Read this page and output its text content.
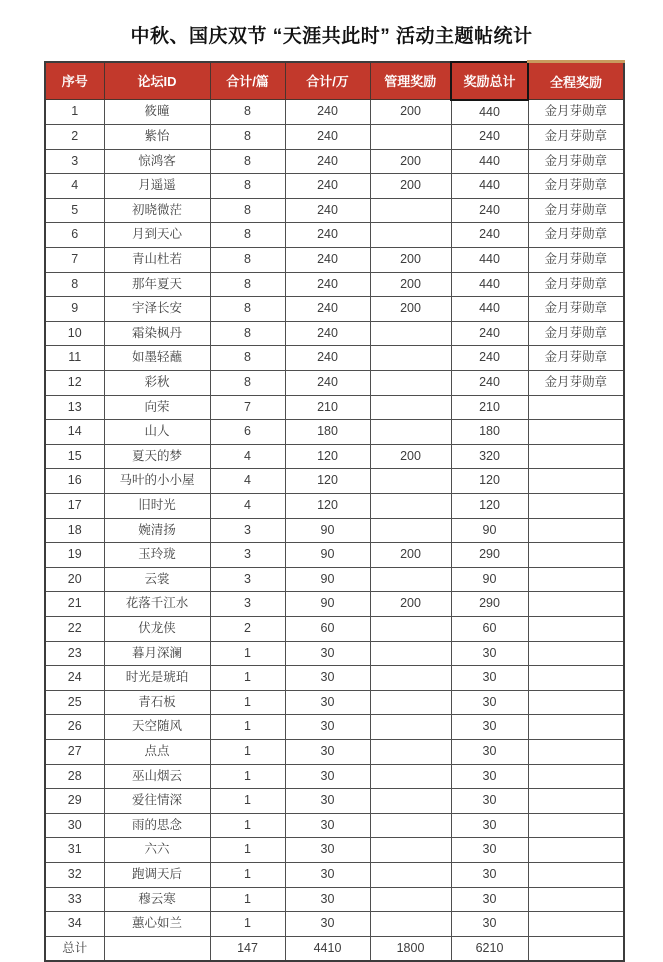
中秋、国庆双节 “天涯共此时” 活动主题帖统计
序号	论坛ID	合计/篇	合计/万	管理奖励	奖励总计	全程奖励
1	筱曈	8	240	200	440	金月芽勋章
2	紫怡	8	240		240	金月芽勋章
3	惊鸿客	8	240	200	440	金月芽勋章
4	月遥遥	8	240	200	440	金月芽勋章
5	初晓微茫	8	240		240	金月芽勋章
6	月到天心	8	240		240	金月芽勋章
7	青山杜若	8	240	200	440	金月芽勋章
8	那年夏天	8	240	200	440	金月芽勋章
9	宇泽长安	8	240	200	440	金月芽勋章
10	霜染枫丹	8	240		240	金月芽勋章
11	如墨轻蘸	8	240		240	金月芽勋章
12	彩秋	8	240		240	金月芽勋章
13	向荣	7	210		210	
14	山人	6	180		180	
15	夏天的梦	4	120	200	320	
16	马叶的小小屋	4	120		120	
17	旧时光	4	120		120	
18	婉清扬	3	90		90	
19	玉玲珑	3	90	200	290	
20	云裳	3	90		90	
21	花落千江水	3	90	200	290	
22	伏龙侠	2	60		60	
23	暮月深澜	1	30		30	
24	时光是琥珀	1	30		30	
25	青石板	1	30		30	
26	天空随风	1	30		30	
27	点点	1	30		30	
28	巫山烟云	1	30		30	
29	爱往情深	1	30		30	
30	雨的思念	1	30		30	
31	六六	1	30		30	
32	跑调天后	1	30		30	
33	穆云寒	1	30		30	
34	蕙心如兰	1	30		30	
总计		147	4410	1800	6210	
